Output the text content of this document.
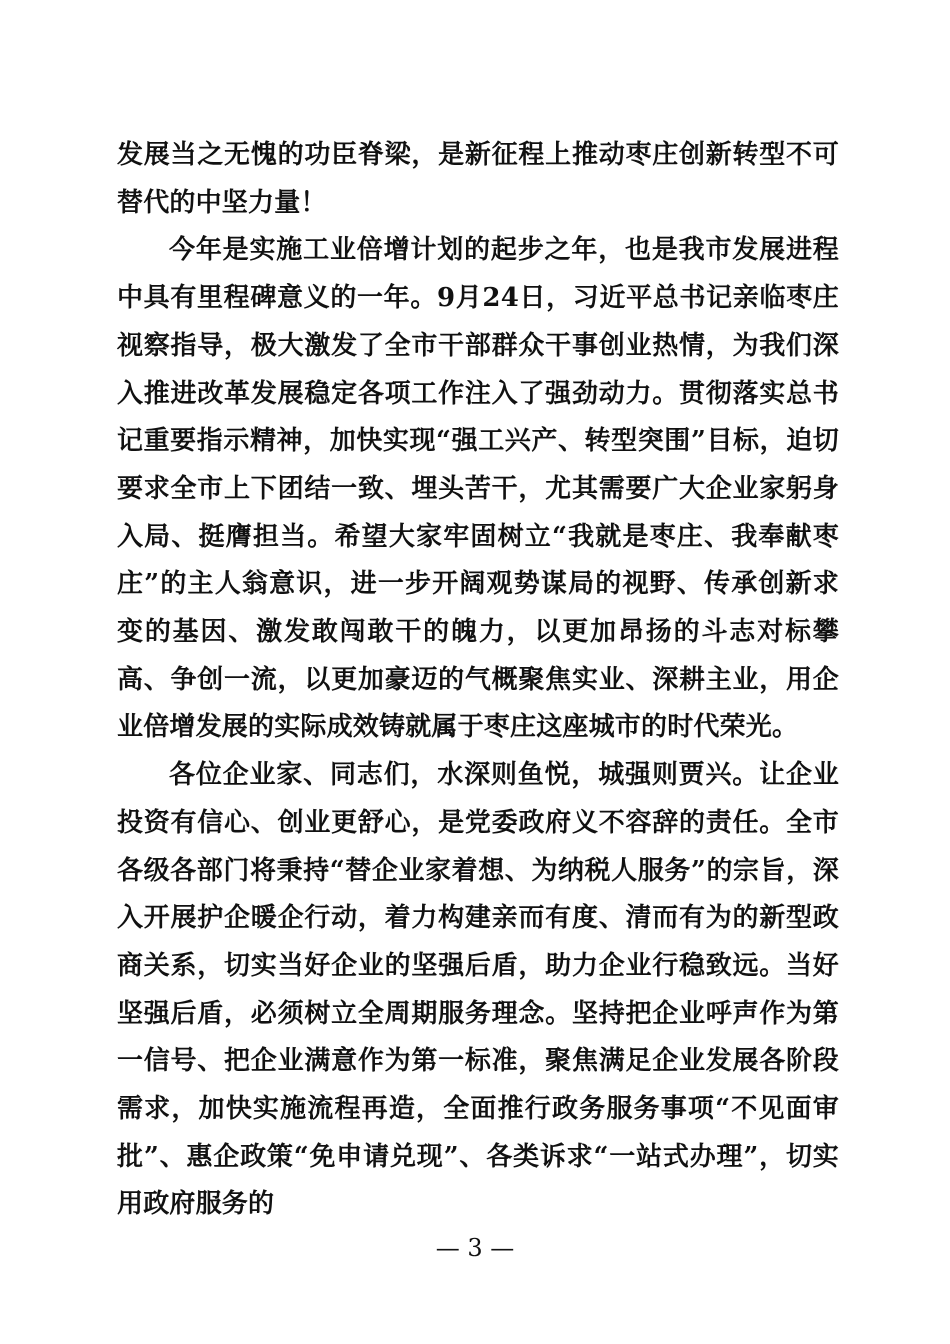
发展当之无愧的功臣脊梁，是新征程上推动枣庄创新转型不可替代的中坚力量！

今年是实施工业倍增计划的起步之年，也是我市发展进程中具有里程碑意义的一年。9月24日，习近平总书记亲临枣庄视察指导，极大激发了全市干部群众干事创业热情，为我们深入推进改革发展稳定各项工作注入了强劲动力。贯彻落实总书记重要指示精神，加快实现“强工兴产、转型突围”目标，迫切要求全市上下团结一致、埋头苦干，尤其需要广大企业家躬身入局、挺膺担当。希望大家牢固树立“我就是枣庄、我奉献枣庄”的主人翁意识，进一步开阔观势谋局的视野、传承创新求变的基因、激发敢闯敢干的魄力，以更加昂扬的斗志对标攀高、争创一流，以更加豪迈的气概聚焦实业、深耕主业，用企业倍增发展的实际成效铸就属于枣庄这座城市的时代荣光。

各位企业家、同志们，水深则鱼悦，城强则贾兴。让企业投资有信心、创业更舒心，是党委政府义不容辞的责任。全市各级各部门将秉持“替企业家着想、为纳税人服务”的宗旨，深入开展护企暖企行动，着力构建亲而有度、清而有为的新型政商关系，切实当好企业的坚强后盾，助力企业行稳致远。当好坚强后盾，必须树立全周期服务理念。坚持把企业呼声作为第一信号、把企业满意作为第一标准，聚焦满足企业发展各阶段需求，加快实施流程再造，全面推行政务服务事项“不见面审批”、惠企政策“免申请兑现”、各类诉求“一站式办理”，切实用政府服务的

— 3 —
